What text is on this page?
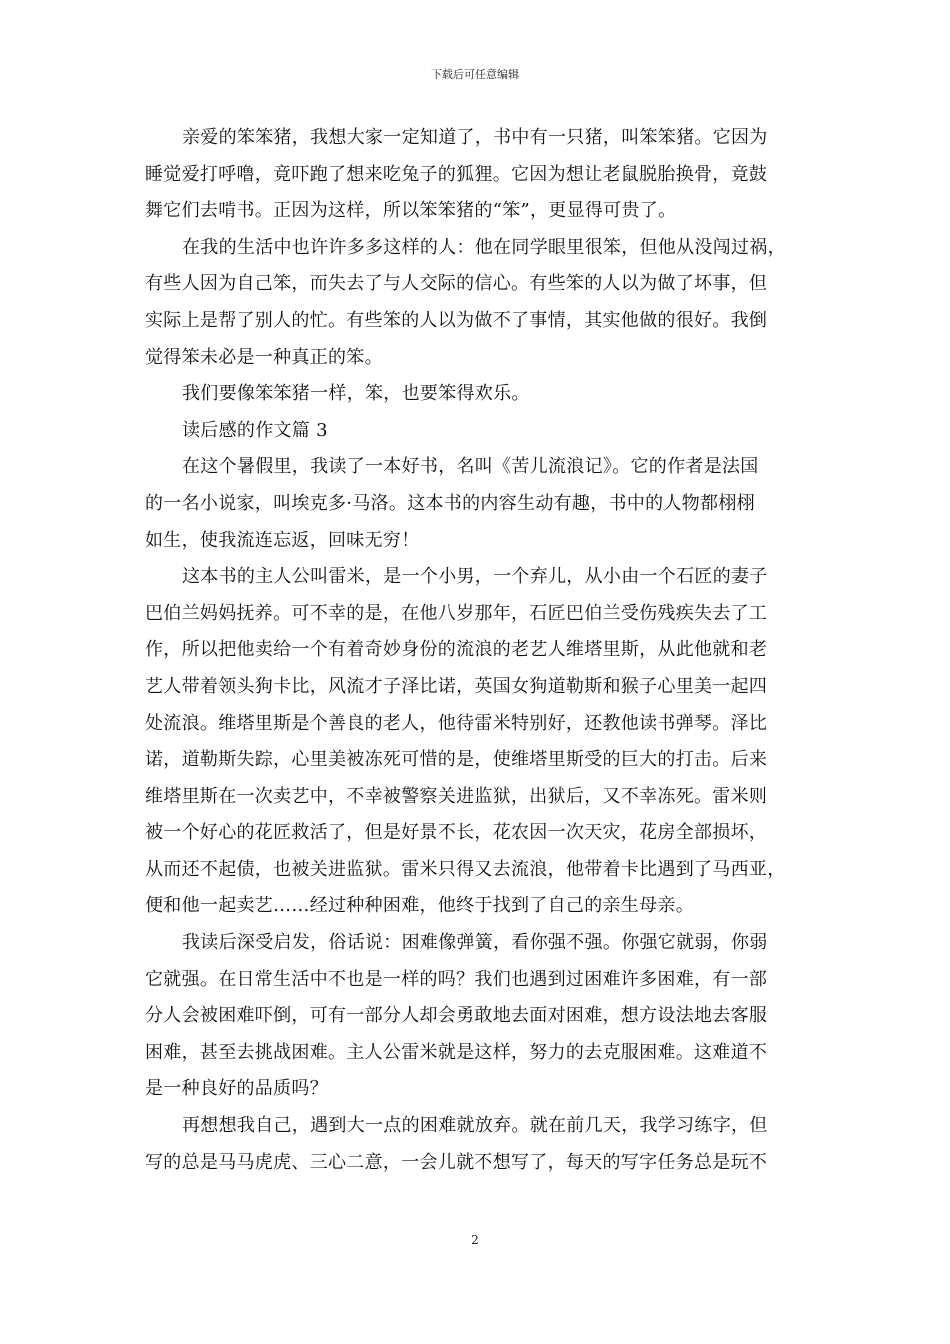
下载后可任意编辑

亲爱的笨笨猪，我想大家一定知道了，书中有一只猪，叫笨笨猪。它因为
睡觉爱打呼噜，竟吓跑了想来吃兔子的狐狸。它因为想让老鼠脱胎换骨，竟鼓
舞它们去啃书。正因为这样，所以笨笨猪的“笨”，更显得可贵了。

在我的生活中也许许多多这样的人：他在同学眼里很笨，但他从没闯过祸，
有些人因为自己笨，而失去了与人交际的信心。有些笨的人以为做了坏事，但
实际上是帮了别人的忙。有些笨的人以为做不了事情，其实他做的很好。我倒
觉得笨未必是一种真正的笨。

我们要像笨笨猪一样，笨，也要笨得欢乐。

读后感的作文篇 3

在这个暑假里，我读了一本好书，名叫《苦儿流浪记》。它的作者是法国
的一名小说家，叫埃克多·马洛。这本书的内容生动有趣，书中的人物都栩栩
如生，使我流连忘返，回味无穷！

这本书的主人公叫雷米，是一个小男，一个弃儿，从小由一个石匠的妻子
巴伯兰妈妈抚养。可不幸的是，在他八岁那年，石匠巴伯兰受伤残疾失去了工
作，所以把他卖给一个有着奇妙身份的流浪的老艺人维塔里斯，从此他就和老
艺人带着领头狗卡比，风流才子泽比诺，英国女狗道勒斯和猴子心里美一起四
处流浪。维塔里斯是个善良的老人，他待雷米特别好，还教他读书弹琴。泽比
诺，道勒斯失踪，心里美被冻死可惜的是，使维塔里斯受的巨大的打击。后来
维塔里斯在一次卖艺中，不幸被警察关进监狱，出狱后，又不幸冻死。雷米则
被一个好心的花匠救活了，但是好景不长，花农因一次天灾，花房全部损坏，
从而还不起债，也被关进监狱。雷米只得又去流浪，他带着卡比遇到了马西亚，
便和他一起卖艺……经过种种困难，他终于找到了自己的亲生母亲。

我读后深受启发，俗话说：困难像弹簧，看你强不强。你强它就弱，你弱
它就强。在日常生活中不也是一样的吗？我们也遇到过困难许多困难，有一部
分人会被困难吓倒，可有一部分人却会勇敢地去面对困难，想方设法地去客服
困难，甚至去挑战困难。主人公雷米就是这样，努力的去克服困难。这难道不
是一种良好的品质吗？

再想想我自己，遇到大一点的困难就放弃。就在前几天，我学习练字，但
写的总是马马虎虎、三心二意，一会儿就不想写了，每天的写字任务总是玩不

2
